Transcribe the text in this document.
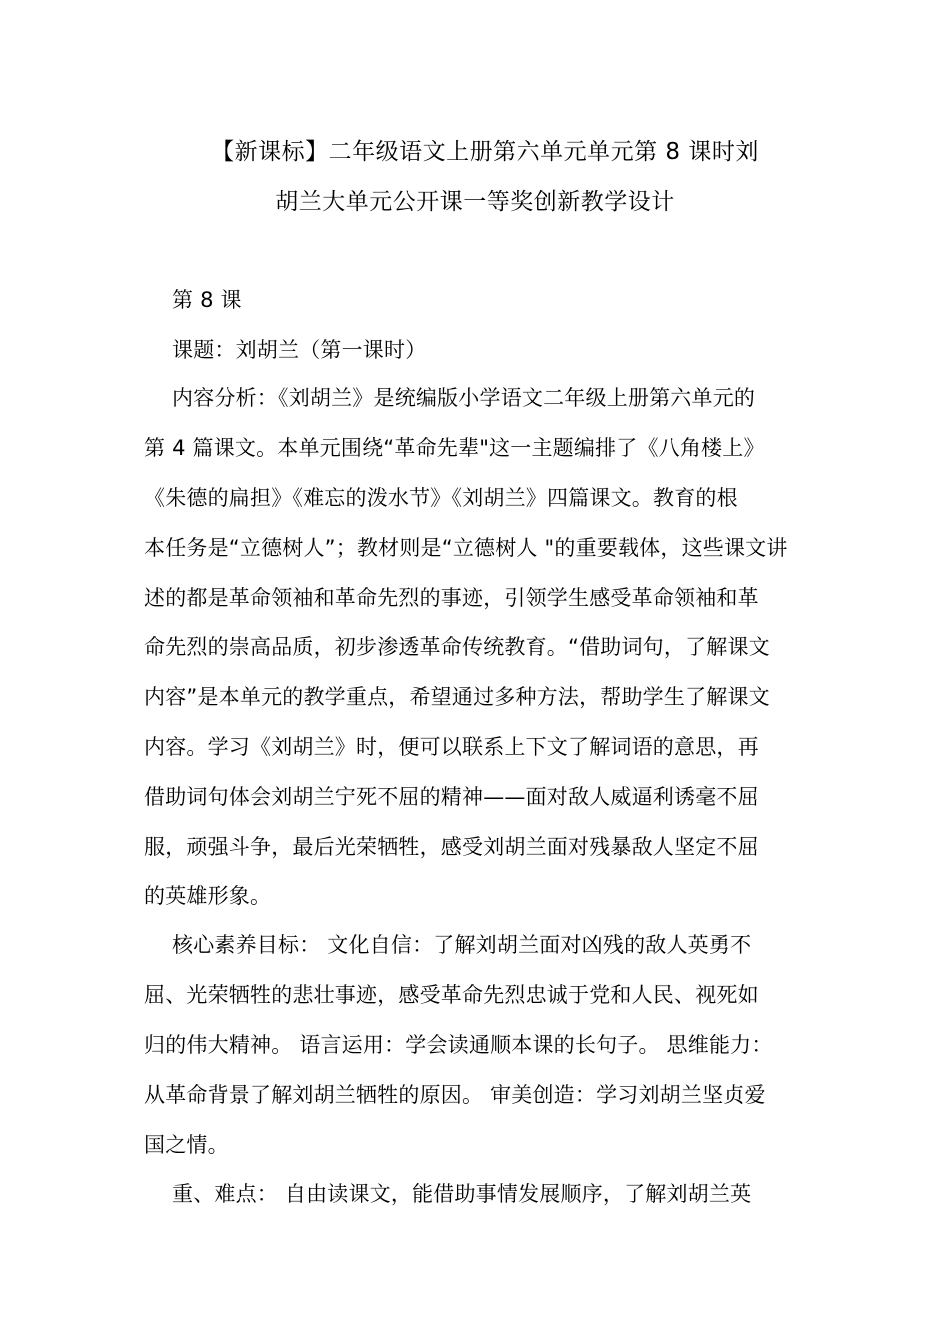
【新课标】二年级语文上册第六单元单元第 8 课时刘
胡兰大单元公开课一等奖创新教学设计
第 8 课
课题：刘胡兰（第一课时）
内容分析：《刘胡兰》是统编版小学语文二年级上册第六单元的
第 4 篇课文。本单元围绕“革命先辈"这一主题编排了《八角楼上》
《朱德的扁担》《难忘的泼水节》《刘胡兰》四篇课文。教育的根
本任务是“立德树人”；教材则是“立德树人 "的重要载体，这些课文讲
述的都是革命领袖和革命先烈的事迹，引领学生感受革命领袖和革
命先烈的崇高品质，初步渗透革命传统教育。“借助词句，了解课文
内容”是本单元的教学重点，希望通过多种方法，帮助学生了解课文
内容。学习《刘胡兰》时，便可以联系上下文了解词语的意思，再
借助词句体会刘胡兰宁死不屈的精神——面对敌人威逼利诱毫不屈
服，顽强斗争，最后光荣牺牲，感受刘胡兰面对残暴敌人坚定不屈
的英雄形象。
核心素养目标： 文化自信：了解刘胡兰面对凶残的敌人英勇不
屈、光荣牺牲的悲壮事迹，感受革命先烈忠诚于党和人民、视死如
归的伟大精神。 语言运用：学会读通顺本课的长句子。 思维能力：
从革命背景了解刘胡兰牺牲的原因。 审美创造：学习刘胡兰坚贞爱
国之情。
重、难点： 自由读课文，能借助事情发展顺序，了解刘胡兰英
